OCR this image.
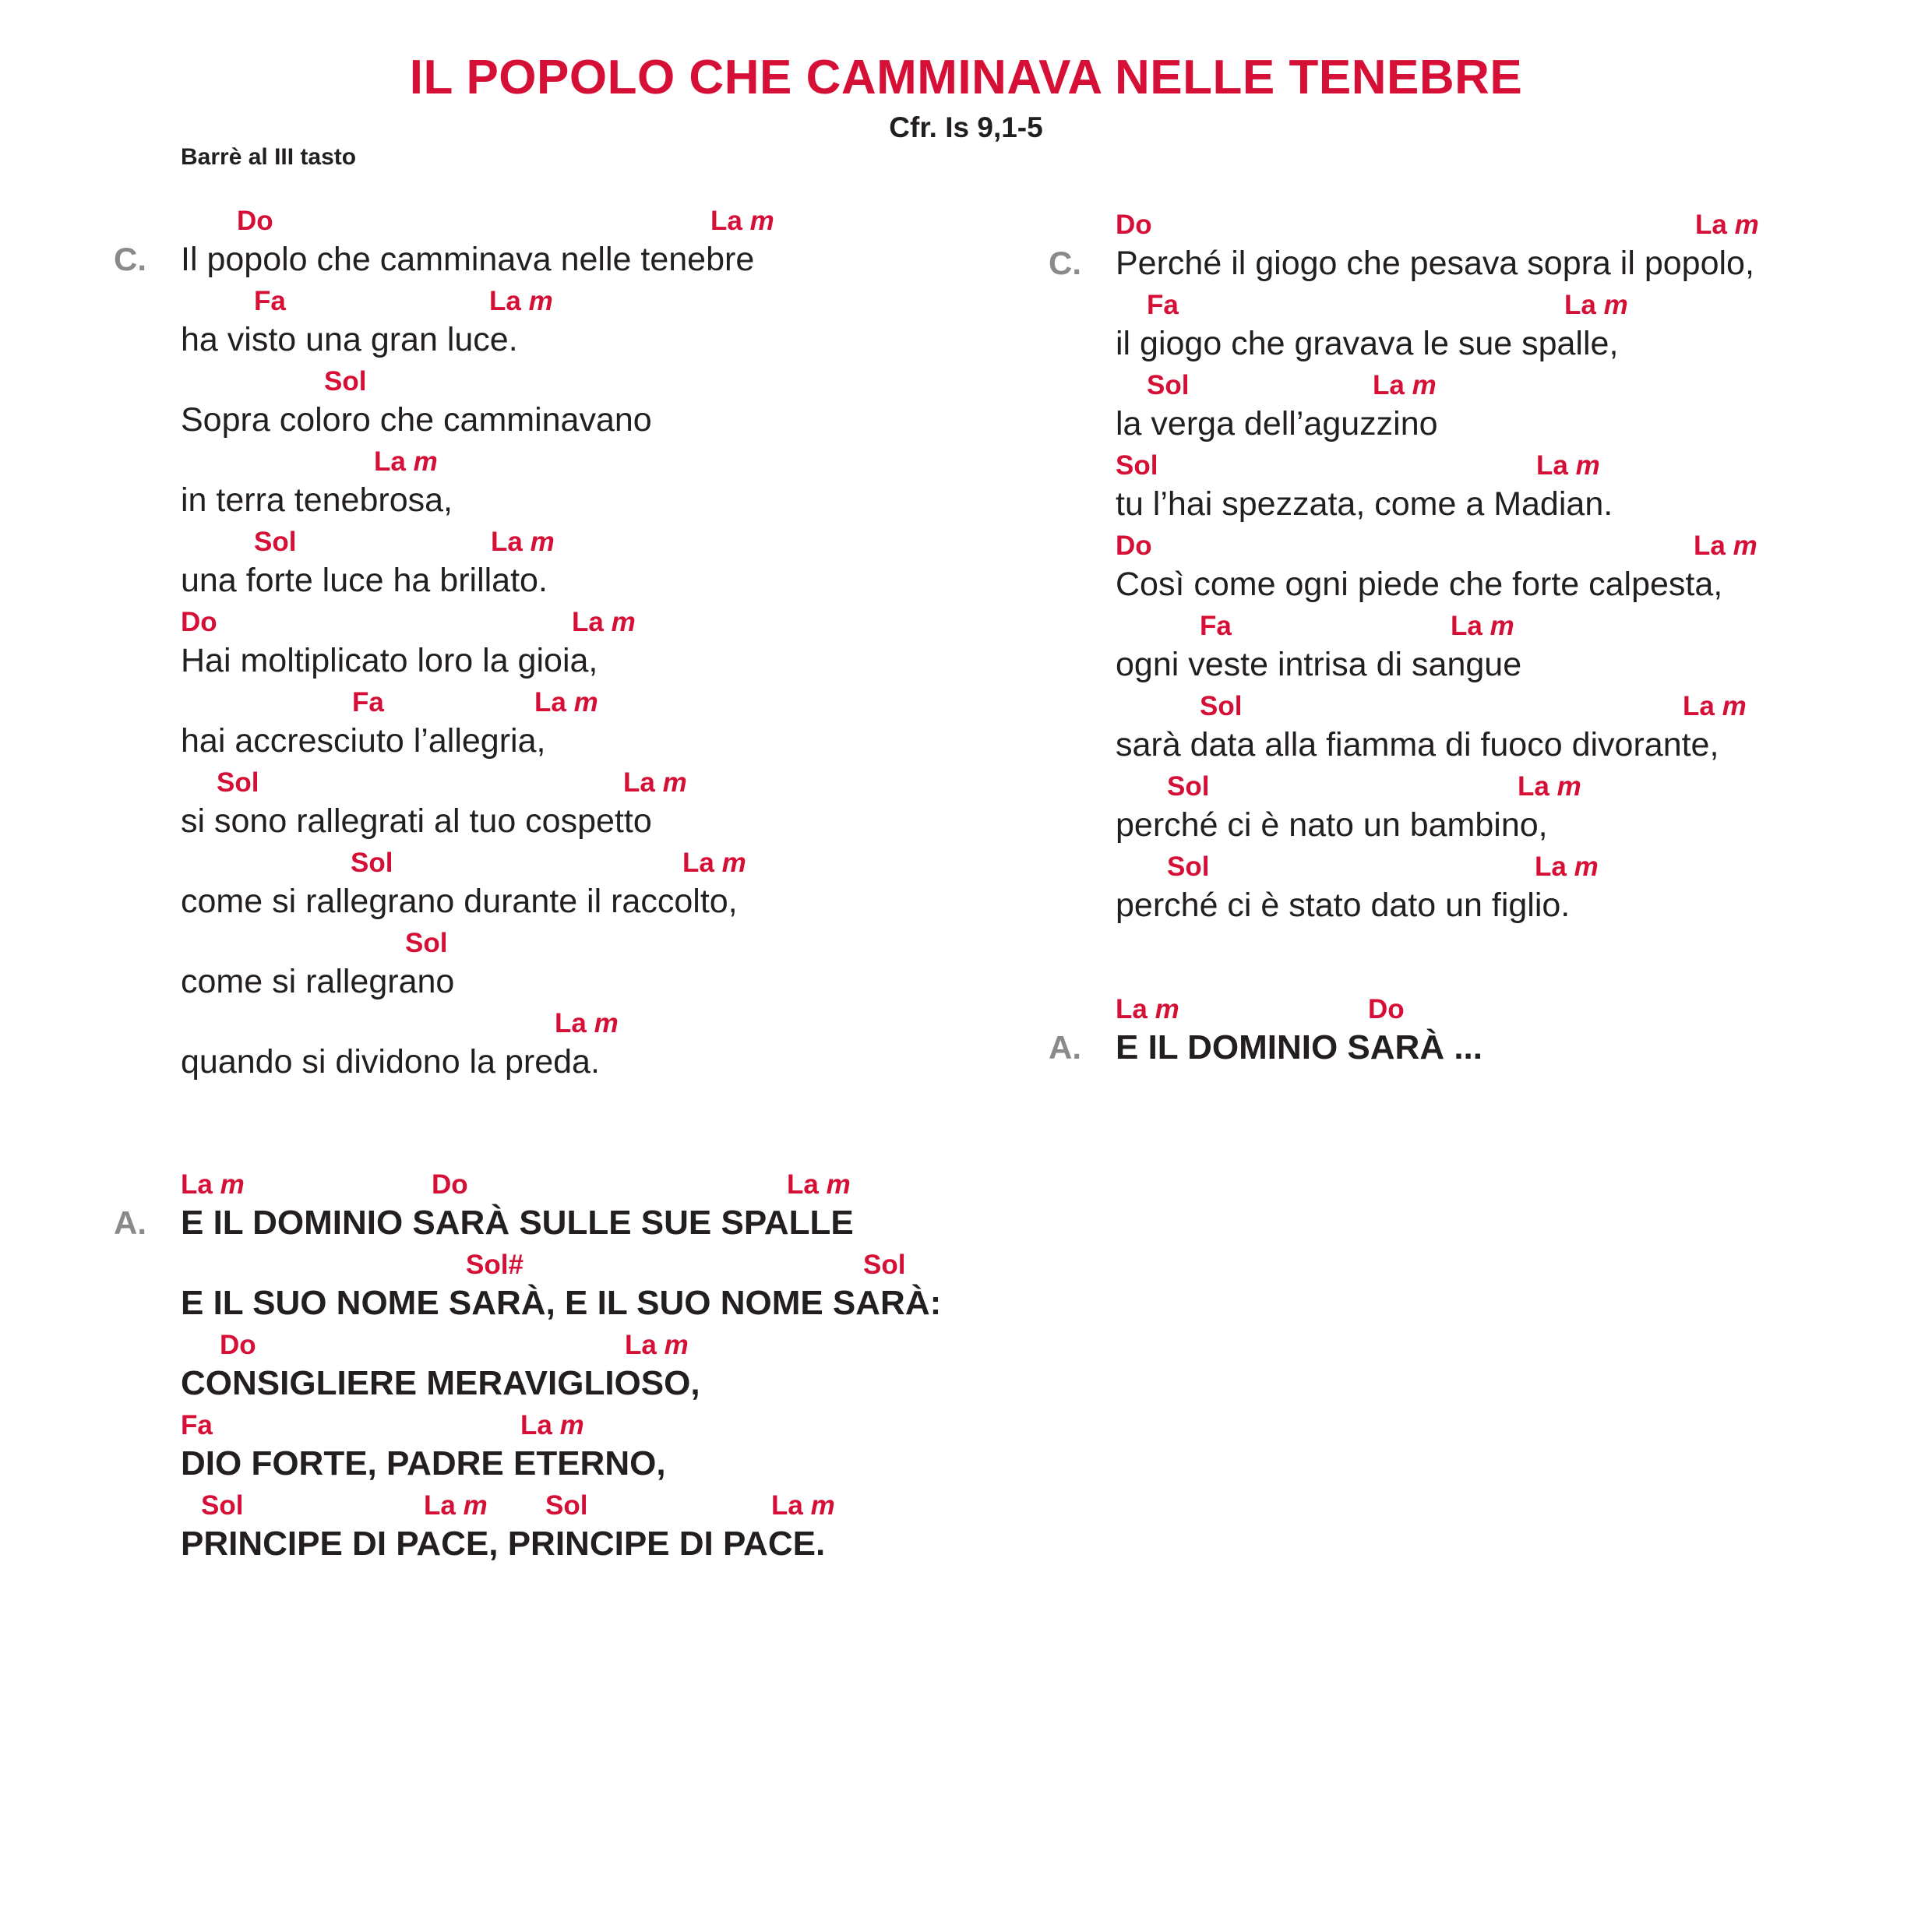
IL POPOLO CHE CAMMINAVA NELLE TENEBRE
Cfr. Is 9,1-5
Barrè al III tasto
C.
Do	La m
Il popolo che camminava nelle tenebre
Fa	La m
ha visto una gran luce.
Sol
Sopra coloro che camminavano
La m
in terra tenebrosa,
Sol	La m
una forte luce ha brillato.
Do	La m
Hai moltiplicato loro la gioia,
Fa	La m
hai accresciuto l’allegria,
Sol	La m
si sono rallegrati al tuo cospetto
Sol	La m
come si rallegrano durante il raccolto,
Sol
come si rallegrano
La m
quando si dividono la preda.
A.
La m	Do	La m
E IL DOMINIO SARÀ SULLE SUE SPALLE
Sol#	Sol
E IL SUO NOME SARÀ, E IL SUO NOME SARÀ:
Do	La m
CONSIGLIERE MERAVIGLIOSO,
Fa	La m
DIO FORTE, PADRE ETERNO,
Sol	La m Sol	La m
PRINCIPE DI PACE, PRINCIPE DI PACE.
C.
Do	La m
Perché il giogo che pesava sopra il popolo,
Fa	La m
il giogo che gravava le sue spalle,
Sol	La m
la verga dell’aguzzino
Sol	La m
tu l’hai spezzata, come a Madian.
Do	La m
Così come ogni piede che forte calpesta,
Fa	La m
ogni veste intrisa di sangue
Sol	La m
sarà data alla fiamma di fuoco divorante,
Sol	La m
perché ci è nato un bambino,
Sol	La m
perché ci è stato dato un figlio.
A.
La m	Do
E IL DOMINIO SARÀ ...
